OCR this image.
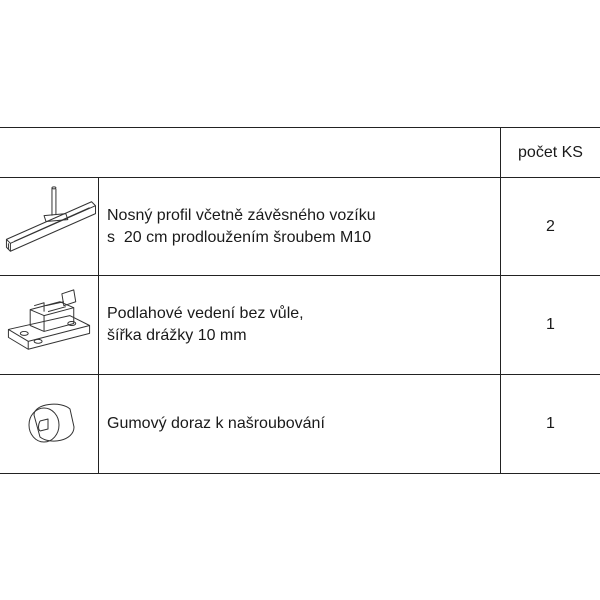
počet KS
Nosný profil včetně závěsného vozíku
s  20 cm prodloužením šroubem M10
2
Podlahové vedení bez vůle,
šířka drážky 10 mm
1
Gumový doraz k našroubování	1
